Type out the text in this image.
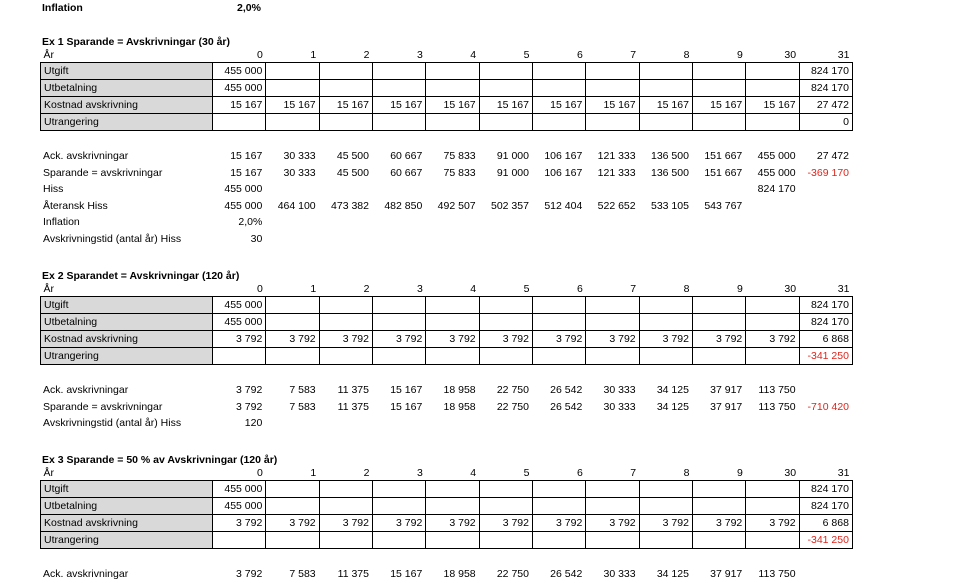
Inflation	2,0%
Ex 1 Sparande = Avskrivningar (30 år)
År	0	1	2	3	4	5	6	7	8	9	30	31
Utgift	455 000											824 170
Utbetalning	455 000											824 170
Kostnad avskrivning	15 167	15 167	15 167	15 167	15 167	15 167	15 167	15 167	15 167	15 167	15 167	27 472
Utrangering												0
Ack. avskrivningar	15 167	30 333	45 500	60 667	75 833	91 000	106 167	121 333	136 500	151 667	455 000	27 472
Sparande = avskrivningar	15 167	30 333	45 500	60 667	75 833	91 000	106 167	121 333	136 500	151 667	455 000	-369 170
Hiss	455 000										824 170	
Återansk Hiss	455 000	464 100	473 382	482 850	492 507	502 357	512 404	522 652	533 105	543 767		
Inflation	2,0%											
Avskrivningstid (antal år) Hiss	30											
Ex 2 Sparandet = Avskrivningar (120 år)
År	0	1	2	3	4	5	6	7	8	9	30	31
Utgift	455 000											824 170
Utbetalning	455 000											824 170
Kostnad avskrivning	3 792	3 792	3 792	3 792	3 792	3 792	3 792	3 792	3 792	3 792	3 792	6 868
Utrangering												-341 250
Ack. avskrivningar	3 792	7 583	11 375	15 167	18 958	22 750	26 542	30 333	34 125	37 917	113 750	
Sparande = avskrivningar	3 792	7 583	11 375	15 167	18 958	22 750	26 542	30 333	34 125	37 917	113 750	-710 420
Avskrivningstid (antal år) Hiss	120											
Ex 3 Sparande = 50 % av Avskrivningar (120 år)
År	0	1	2	3	4	5	6	7	8	9	30	31
Utgift	455 000											824 170
Utbetalning	455 000											824 170
Kostnad avskrivning	3 792	3 792	3 792	3 792	3 792	3 792	3 792	3 792	3 792	3 792	3 792	6 868
Utrangering												-341 250
Ack. avskrivningar	3 792	7 583	11 375	15 167	18 958	22 750	26 542	30 333	34 125	37 917	113 750	
